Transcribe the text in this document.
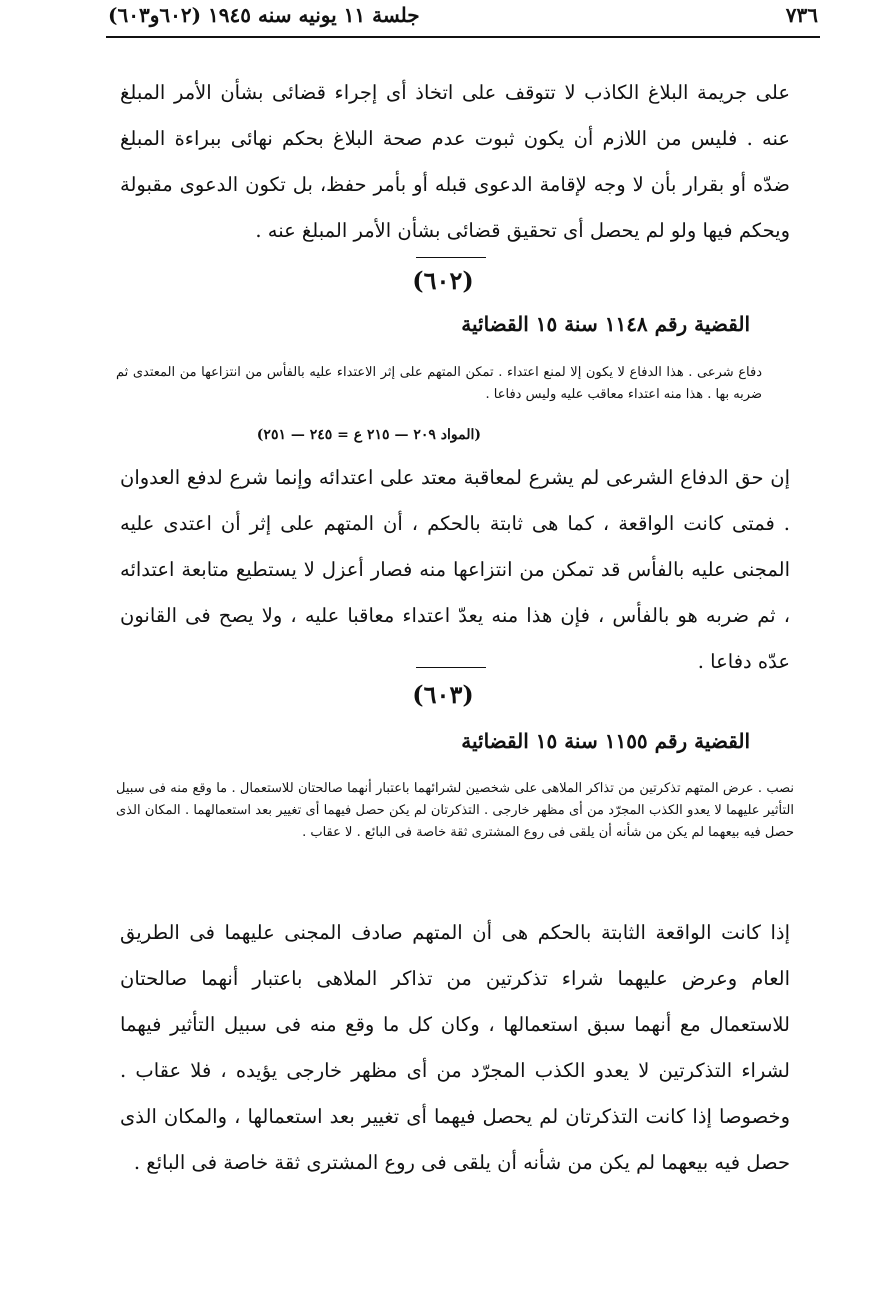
٧٣٦
جلسة ١١ يونيه سنه ١٩٤٥ (٦٠٢و٦٠٣)

على جريمة البلاغ الكاذب لا تتوقف على اتخاذ أى إجراء قضائى بشأن الأمر المبلغ عنه . فليس من اللازم أن يكون ثبوت عدم صحة البلاغ بحكم نهائى ببراءة المبلغ ضدّه أو بقرار بأن لا وجه لإقامة الدعوى قبله أو بأمر حفظ، بل تكون الدعوى مقبولة ويحكم فيها ولو لم يحصل أى تحقيق قضائى بشأن الأمر المبلغ عنه .

(٦٠٢)
القضية رقم ١١٤٨ سنة ١٥ القضائية

دفاع شرعى . هذا الدفاع لا يكون إلا لمنع اعتداء . تمكن المتهم على إثر الاعتداء عليه بالفأس من انتزاعها من المعتدى ثم ضربه بها . هذا منه اعتداء معاقب عليه وليس دفاعا .

(المواد ٢٠٩ — ٢١٥ ع = ٢٤٥ — ٢٥١)

إن حق الدفاع الشرعى لم يشرع لمعاقبة معتد على اعتدائه وإنما شرع لدفع العدوان . فمتى كانت الواقعة ، كما هى ثابتة بالحكم ، أن المتهم على إثر أن اعتدى عليه المجنى عليه بالفأس قد تمكن من انتزاعها منه فصار أعزل لا يستطيع متابعة اعتدائه ، ثم ضربه هو بالفأس ، فإن هذا منه يعدّ اعتداء معاقبا عليه ، ولا يصح فى القانون عدّه دفاعا .

(٦٠٣)
القضية رقم ١١٥٥ سنة ١٥ القضائية

نصب . عرض المتهم تذكرتين من تذاكر الملاهى على شخصين لشرائهما باعتبار أنهما صالحتان للاستعمال . ما وقع منه فى سبيل التأثير عليهما لا يعدو الكذب المجرّد من أى مظهر خارجى . التذكرتان لم يكن حصل فيهما أى تغيير بعد استعمالهما . المكان الذى حصل فيه بيعهما لم يكن من شأنه أن يلقى فى روع المشترى ثقة خاصة فى البائع . لا عقاب .

إذا كانت الواقعة الثابتة بالحكم هى أن المتهم صادف المجنى عليهما فى الطريق العام وعرض عليهما شراء تذكرتين من تذاكر الملاهى باعتبار أنهما صالحتان للاستعمال مع أنهما سبق استعمالها ، وكان كل ما وقع منه فى سبيل التأثير فيهما لشراء التذكرتين لا يعدو الكذب المجرّد من أى مظهر خارجى يؤيده ، فلا عقاب . وخصوصا إذا كانت التذكرتان لم يحصل فيهما أى تغيير بعد استعمالها ، والمكان الذى حصل فيه بيعهما لم يكن من شأنه أن يلقى فى روع المشترى ثقة خاصة فى البائع .
